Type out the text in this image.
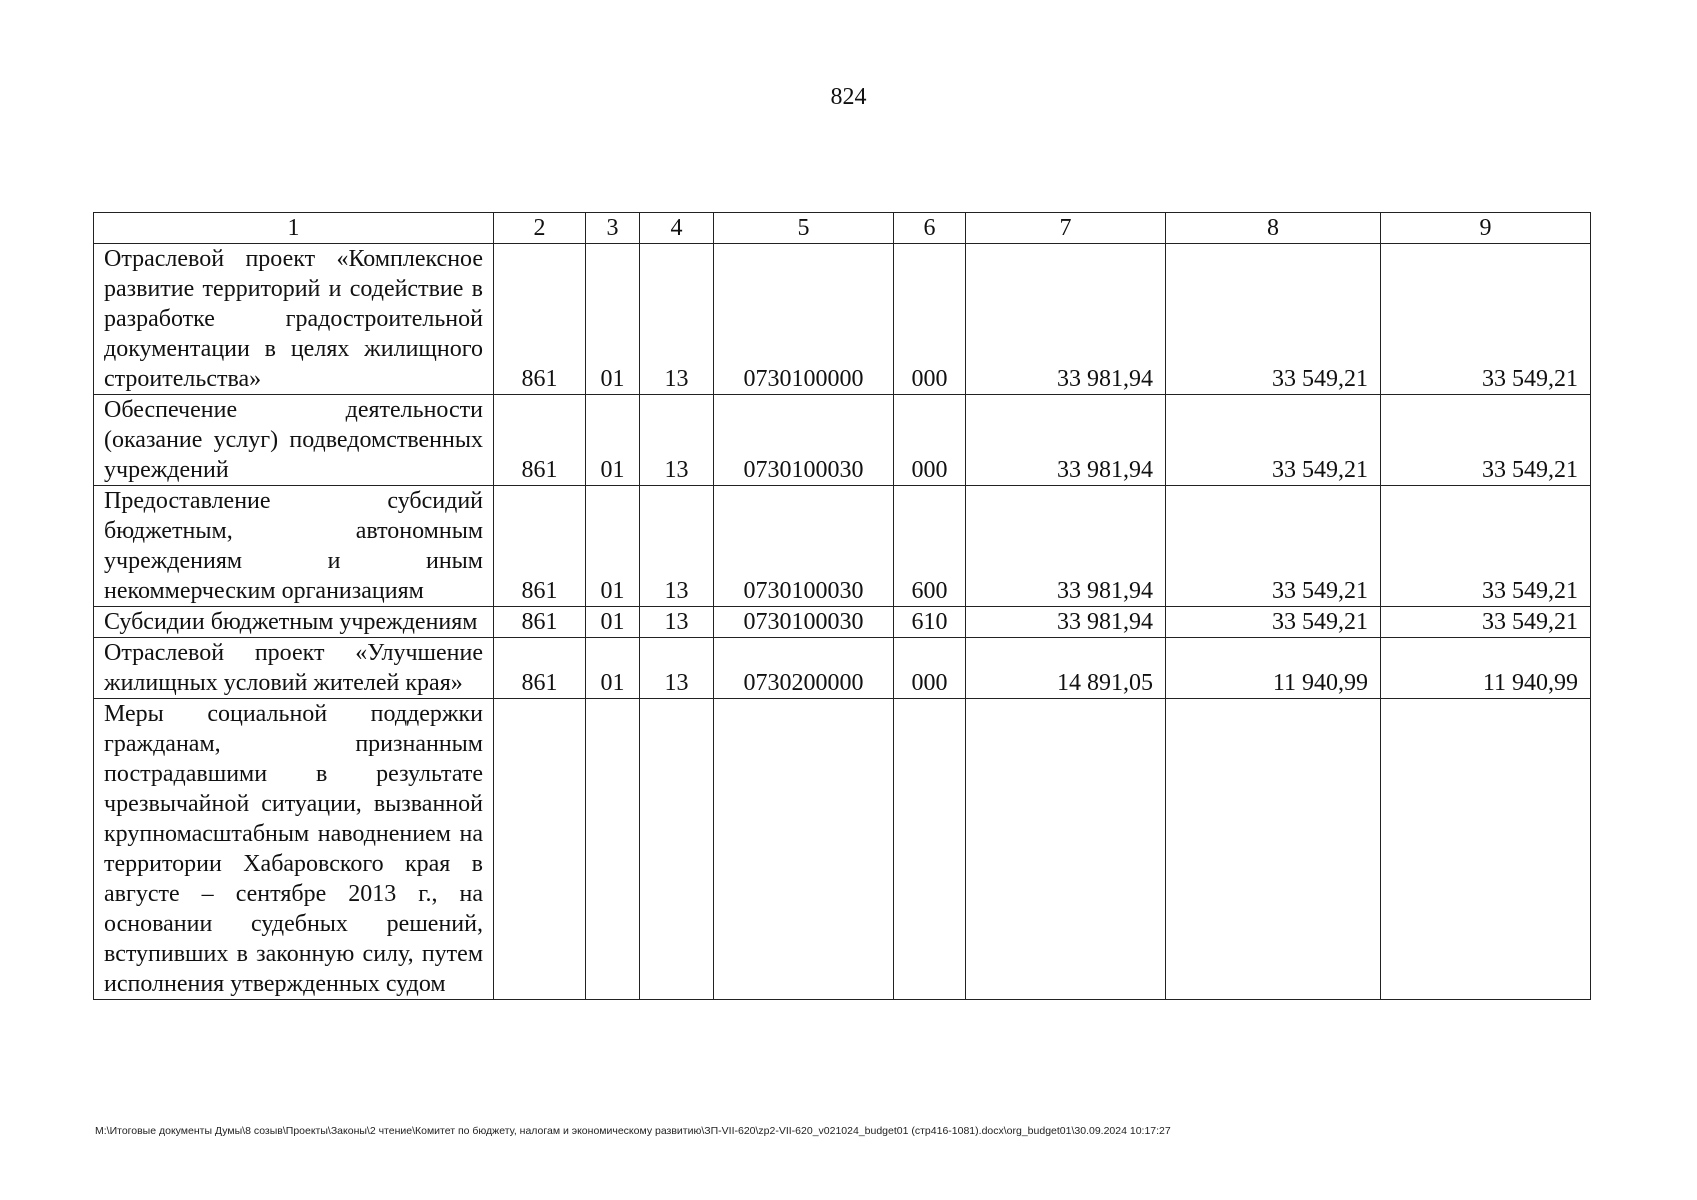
824
1	2	3	4	5	6	7	8	9
Отраслевой проект «Комплексное развитие территорий и содействие в разработке градостроительной документации в целях жилищного строительства»	861	01	13	0730100000	000	33 981,94	33 549,21	33 549,21
Обеспечение деятельности (оказание услуг) подведомственных учреждений	861	01	13	0730100030	000	33 981,94	33 549,21	33 549,21
Предоставление субсидий бюджетным, автономным учреждениям и иным некоммерческим организациям	861	01	13	0730100030	600	33 981,94	33 549,21	33 549,21
Субсидии бюджетным учреждениям	861	01	13	0730100030	610	33 981,94	33 549,21	33 549,21
Отраслевой проект «Улучшение жилищных условий жителей края»	861	01	13	0730200000	000	14 891,05	11 940,99	11 940,99
Меры социальной поддержки гражданам, признанным пострадавшими в результате чрезвычайной ситуации, вызванной крупномасштабным наводнением на территории Хабаровского края в августе – сентябре 2013 г., на основании судебных решений, вступивших в законную силу, путем исполнения утвержденных судом								
M:\Итоговые документы Думы\8 созыв\Проекты\Законы\2 чтение\Комитет по бюджету, налогам и экономическому развитию\ЗП-VII-620\zp2-VII-620_v021024_budget01 (стр416-1081).docx\org_budget01\30.09.2024 10:17:27
